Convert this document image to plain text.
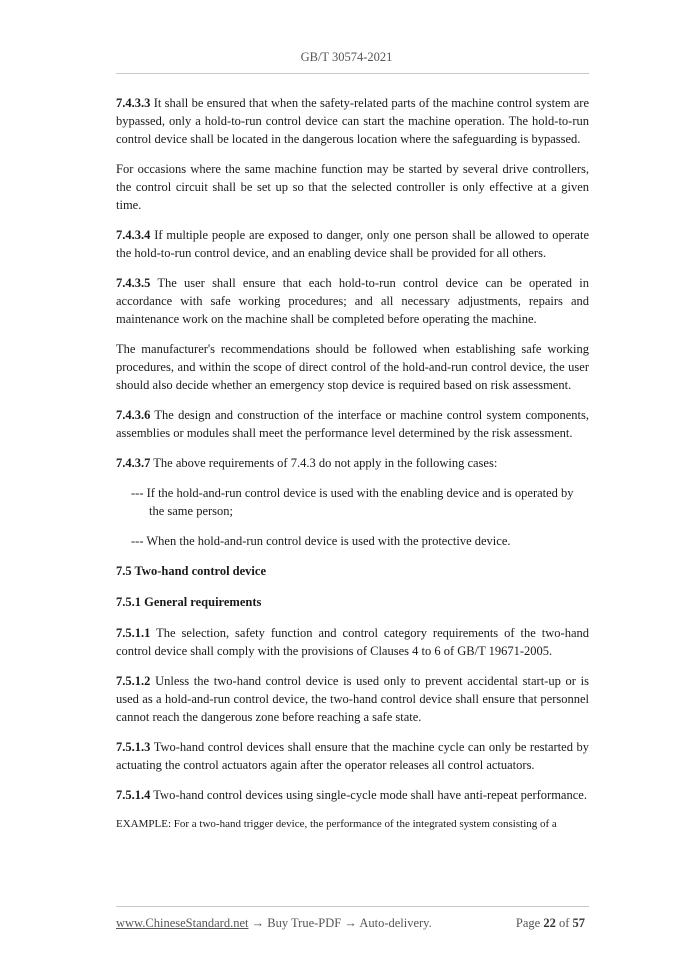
GB/T 30574-2021

7.4.3.3 It shall be ensured that when the safety-related parts of the machine control system are bypassed, only a hold-to-run control device can start the machine operation. The hold-to-run control device shall be located in the dangerous location where the safeguarding is bypassed.

For occasions where the same machine function may be started by several drive controllers, the control circuit shall be set up so that the selected controller is only effective at a given time.

7.4.3.4 If multiple people are exposed to danger, only one person shall be allowed to operate the hold-to-run control device, and an enabling device shall be provided for all others.

7.4.3.5 The user shall ensure that each hold-to-run control device can be operated in accordance with safe working procedures; and all necessary adjustments, repairs and maintenance work on the machine shall be completed before operating the machine.

The manufacturer's recommendations should be followed when establishing safe working procedures, and within the scope of direct control of the hold-and-run control device, the user should also decide whether an emergency stop device is required based on risk assessment.

7.4.3.6 The design and construction of the interface or machine control system components, assemblies or modules shall meet the performance level determined by the risk assessment.

7.4.3.7 The above requirements of 7.4.3 do not apply in the following cases:

--- If the hold-and-run control device is used with the enabling device and is operated by the same person;

--- When the hold-and-run control device is used with the protective device.

7.5 Two-hand control device

7.5.1 General requirements

7.5.1.1 The selection, safety function and control category requirements of the two-hand control device shall comply with the provisions of Clauses 4 to 6 of GB/T 19671-2005.

7.5.1.2 Unless the two-hand control device is used only to prevent accidental start-up or is used as a hold-and-run control device, the two-hand control device shall ensure that personnel cannot reach the dangerous zone before reaching a safe state.

7.5.1.3 Two-hand control devices shall ensure that the machine cycle can only be restarted by actuating the control actuators again after the operator releases all control actuators.

7.5.1.4 Two-hand control devices using single-cycle mode shall have anti-repeat performance.

EXAMPLE: For a two-hand trigger device, the performance of the integrated system consisting of a

www.ChineseStandard.net → Buy True-PDF → Auto-delivery.	Page 22 of 57
